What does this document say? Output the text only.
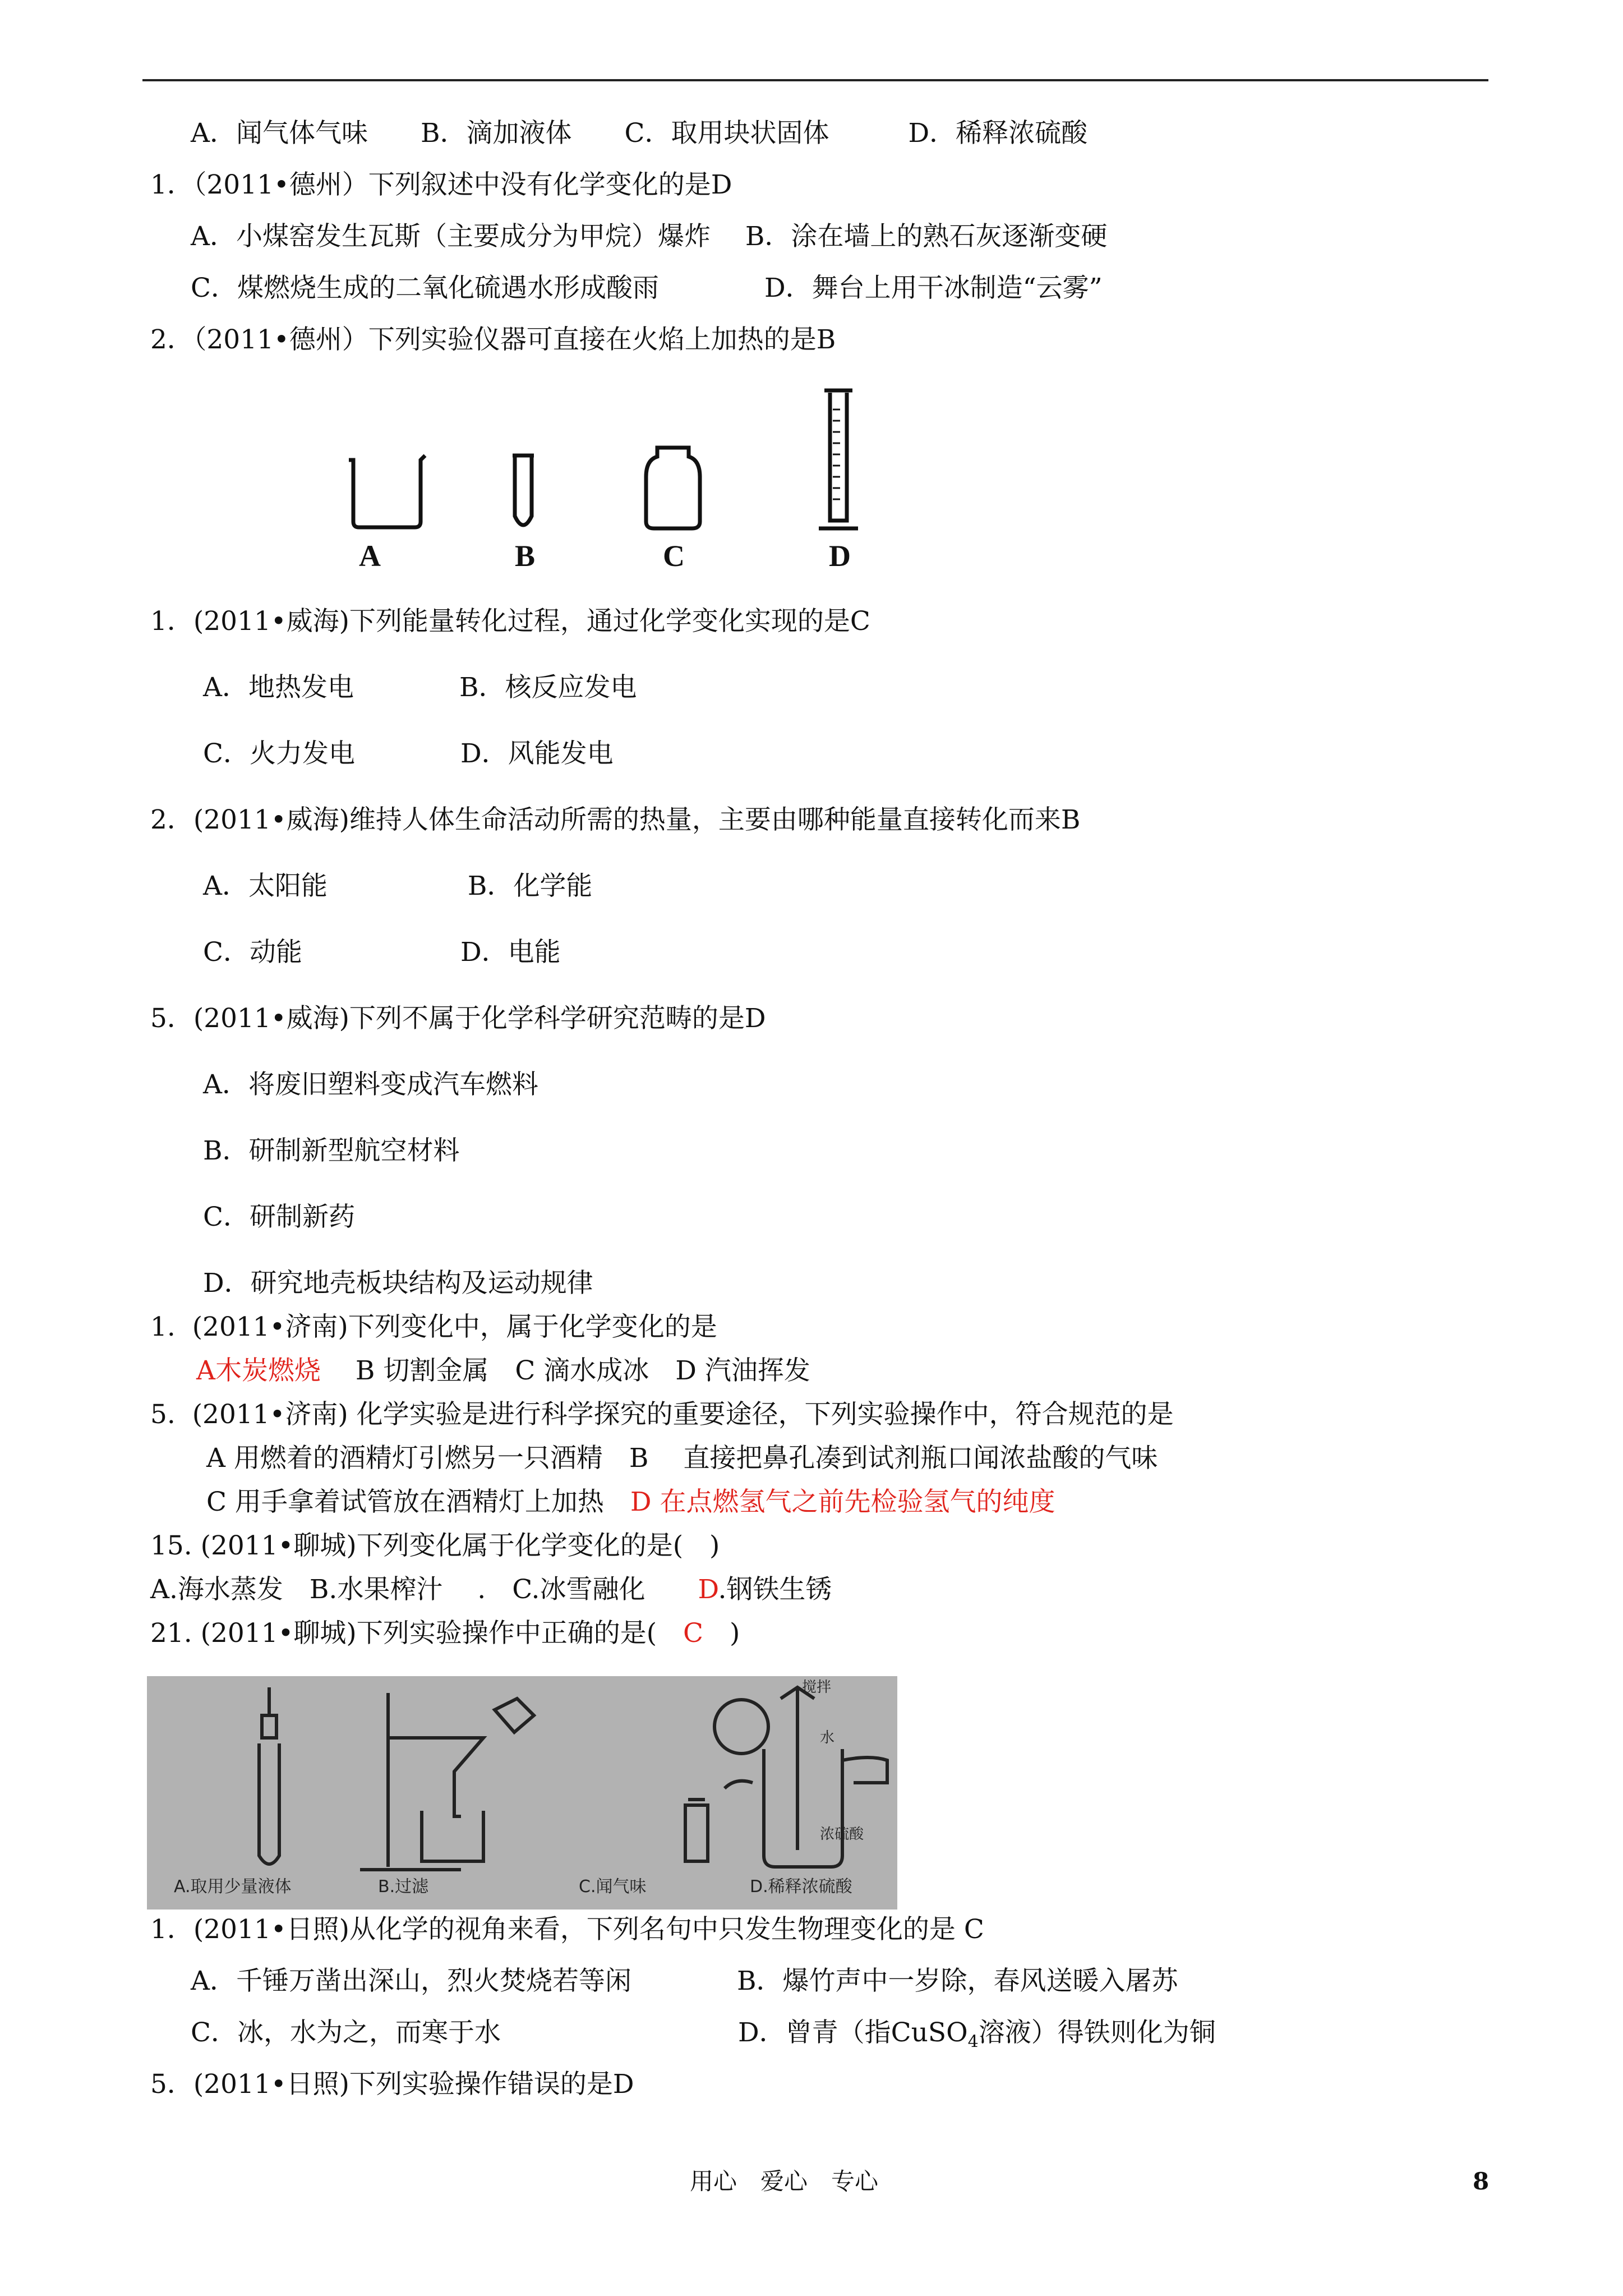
A．闻气体气味　　B．滴加液体　　C．取用块状固体　　　D．稀释浓硫酸
1．（2011•德州）下列叙述中没有化学变化的是D
A．小煤窑发生瓦斯（主要成分为甲烷）爆炸　 B．涂在墙上的熟石灰逐渐变硬
C．煤燃烧生成的二氧化硫遇水形成酸雨　　　　D．舞台上用干冰制造“云雾”
2．（2011•德州）下列实验仪器可直接在火焰上加热的是B
1．(2011•威海)下列能量转化过程，通过化学变化实现的是C
A．地热发电　　　　B．核反应发电
C．火力发电　　　　D．风能发电
2．(2011•威海)维持人体生命活动所需的热量，主要由哪种能量直接转化而来B
A．太阳能　　　　　 B．化学能
C．动能　　　　　　D．电能
5．(2011•威海)下列不属于化学科学研究范畴的是D
A．将废旧塑料变成汽车燃料
B．研制新型航空材料
C．研制新药
D．研究地壳板块结构及运动规律
1.  (2011•济南)下列变化中，属于化学变化的是
A木炭燃烧　 B 切割金属　C 滴水成冰　D 汽油挥发
5.  (2011•济南) 化学实验是进行科学探究的重要途径，下列实验操作中，符合规范的是
A 用燃着的酒精灯引燃另一只酒精　B　 直接把鼻孔凑到试剂瓶口闻浓盐酸的气味
C 用手拿着试管放在酒精灯上加热　D 在点燃氢气之前先检验氢气的纯度
15. (2011•聊城)下列变化属于化学变化的是(　)
A.海水蒸发　B.水果榨汁 　.　C.冰雪融化　　D.钢铁生锈
21. (2011•聊城)下列实验操作中正确的是(　C　)
1．(2011•日照)从化学的视角来看，下列名句中只发生物理变化的是 C
A．千锤万凿出深山，烈火焚烧若等闲　　　　B．爆竹声中一岁除，春风送暖入屠苏
C．冰，水为之，而寒于水　　　　　　　　　D．曾青（指CuSO$_4$溶液）得铁则化为铜
5．(2011•日照)下列实验操作错误的是D
A	B	C	D
搅拌
水
浓硫酸
A.取用少量液体	B.过滤	C.闻气味	D.稀释浓硫酸
用心　爱心　专心	8
